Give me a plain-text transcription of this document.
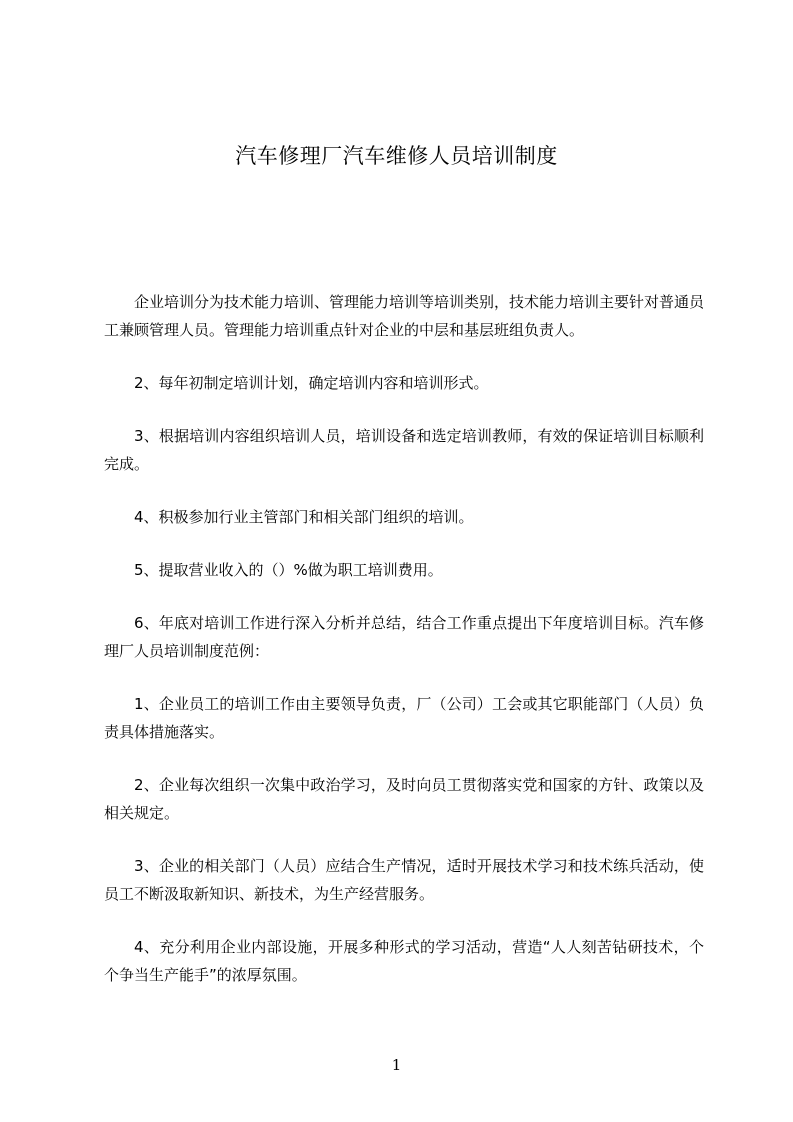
汽车修理厂汽车维修人员培训制度

企业培训分为技术能力培训、管理能力培训等培训类别，技术能力培训主要针对普通员工兼顾管理人员。管理能力培训重点针对企业的中层和基层班组负责人。

2、每年初制定培训计划，确定培训内容和培训形式。

3、根据培训内容组织培训人员，培训设备和选定培训教师，有效的保证培训目标顺利完成。

4、积极参加行业主管部门和相关部门组织的培训。

5、提取营业收入的（）%做为职工培训费用。

6、年底对培训工作进行深入分析并总结，结合工作重点提出下年度培训目标。汽车修理厂人员培训制度范例：

1、企业员工的培训工作由主要领导负责，厂（公司）工会或其它职能部门（人员）负责具体措施落实。

2、企业每次组织一次集中政治学习，及时向员工贯彻落实党和国家的方针、政策以及相关规定。

3、企业的相关部门（人员）应结合生产情况，适时开展技术学习和技术练兵活动，使员工不断汲取新知识、新技术，为生产经营服务。

4、充分利用企业内部设施，开展多种形式的学习活动，营造“人人刻苦钻研技术，个个争当生产能手”的浓厚氛围。

1
